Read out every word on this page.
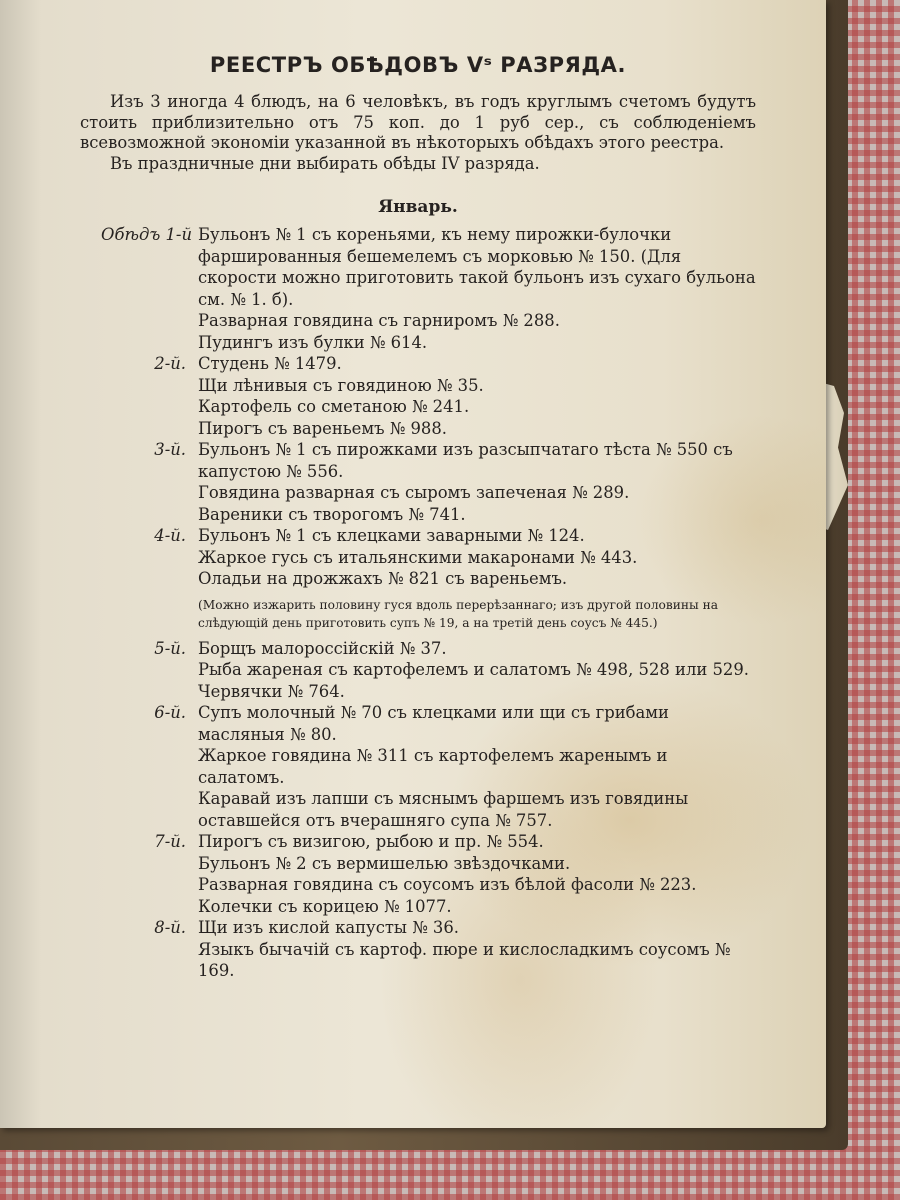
РЕЕСТРЪ ОБѢДОВЪ Vˢ РАЗРЯДА.

Изъ 3 иногда 4 блюдъ, на 6 человѣкъ, въ годъ круглымъ счетомъ будутъ стоить приблизительно отъ 75 коп. до 1 руб сер., съ соблюденіемъ всевозможной экономіи указанной въ нѣкоторыхъ обѣдахъ этого реестра.

Въ праздничные дни выбирать обѣды IV разряда.

Январь.
Обѣдъ 1-й Бульонъ № 1 съ кореньями, къ нему пирожки-булочки фаршированныя бешемелемъ съ морковью № 150. (Для скорости можно приготовить такой бульонъ изъ сухаго бульона см. № 1. б).

Разварная говядина съ гарниромъ № 288.

Пудингъ изъ булки № 614.

2-й. Студень № 1479.

Щи лѣнивыя съ говядиною № 35.

Картофель со сметаною № 241.

Пирогъ съ вареньемъ № 988.

3-й. Бульонъ № 1 съ пирожками изъ разсыпчатаго тѣста № 550 съ капустою № 556.

Говядина разварная съ сыромъ запеченая № 289.

Вареники съ творогомъ № 741.

4-й. Бульонъ № 1 съ клецками заварными № 124.

Жаркое гусь съ итальянскими макаронами № 443.

Оладьи на дрожжахъ № 821 съ вареньемъ.

(Можно изжарить половину гуся вдоль перерѣзаннаго; изъ другой половины на слѣдующій день приготовить супъ № 19, а на третій день соусъ № 445.)

5-й. Борщъ малороссійскій № 37.

Рыба жареная съ картофелемъ и салатомъ № 498, 528 или 529.

Червячки № 764.

6-й. Супъ молочный № 70 съ клецками или щи съ грибами масляныя № 80.

Жаркое говядина № 311 съ картофелемъ жаренымъ и салатомъ.

Каравай изъ лапши съ мяснымъ фаршемъ изъ говядины оставшейся отъ вчерашняго супа № 757.

7-й. Пирогъ съ визигою, рыбою и пр. № 554.

Бульонъ № 2 съ вермишелью звѣздочками.

Разварная говядина съ соусомъ изъ бѣлой фасоли № 223.

Колечки съ корицею № 1077.

8-й. Щи изъ кислой капусты № 36.

Языкъ бычачій съ картоф. пюре и кислосладкимъ соусомъ № 169.
